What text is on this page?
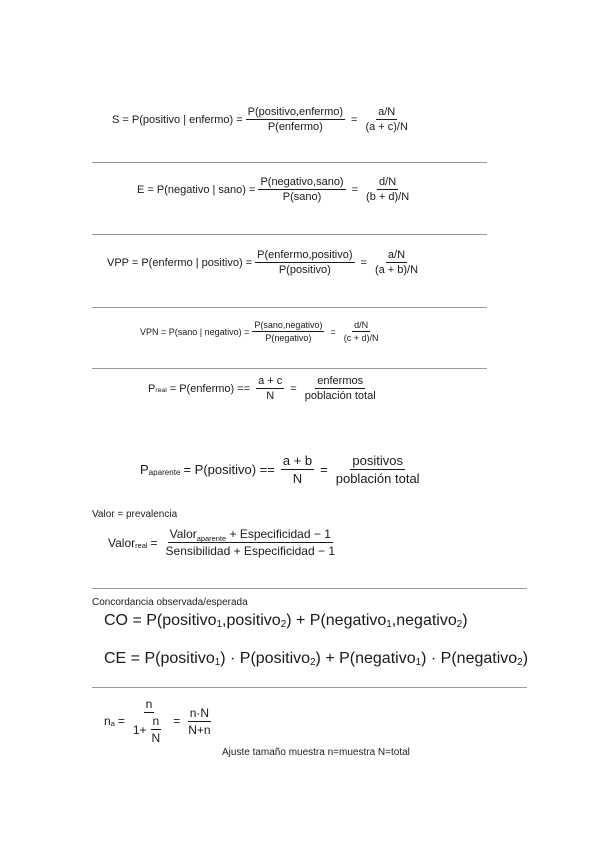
S = P(positivo | enfermo) = $\frac{\text{P(positivo,enfermo)}}{\text{P(enfermo)}} = \frac{a/N}{(a + c)/N}$
E = P(negativo | sano) = $\frac{\text{P(negativo,sano)}}{\text{P(sano)}} = \frac{d/N}{(b + d)/N}$
VPP = P(enfermo | positivo) = $\frac{\text{P(enfermo,positivo)}}{\text{P(positivo)}} = \frac{a/N}{(a + b)/N}$
VPN = P(sano | negativo) = $\frac{\text{P(sano,negativo)}}{\text{P(negativo)}} = \frac{d/N}{(c + d)/N}$
P real = P(enfermo) == $\frac{a + c}{N} = \frac{\text{enfermos}}{\text{población total}}$
P aparente = P(positivo) == $\frac{a + b}{N} = \frac{\text{positivos}}{\text{población total}}$
Valor = prevalencia
Valor real = $\frac{Valor_{aparente} + Especificidad - 1}{\text{Sensibilidad + Especificidad − 1}}$
Concordancia observada/esperada
CO = P(positivo 1 ,positivo 2 ) + P(negativo 1 ,negativo 2 )
CE = P(positivo 1 ) · P(positivo 2 ) + P(negativo 1 ) · P(negativo 2 )
n $a = \frac{n}{1+ \frac{n}{N}} = \frac{n\cdot N}{N+n}$
Ajuste tamaño muestra n=muestra N=total
